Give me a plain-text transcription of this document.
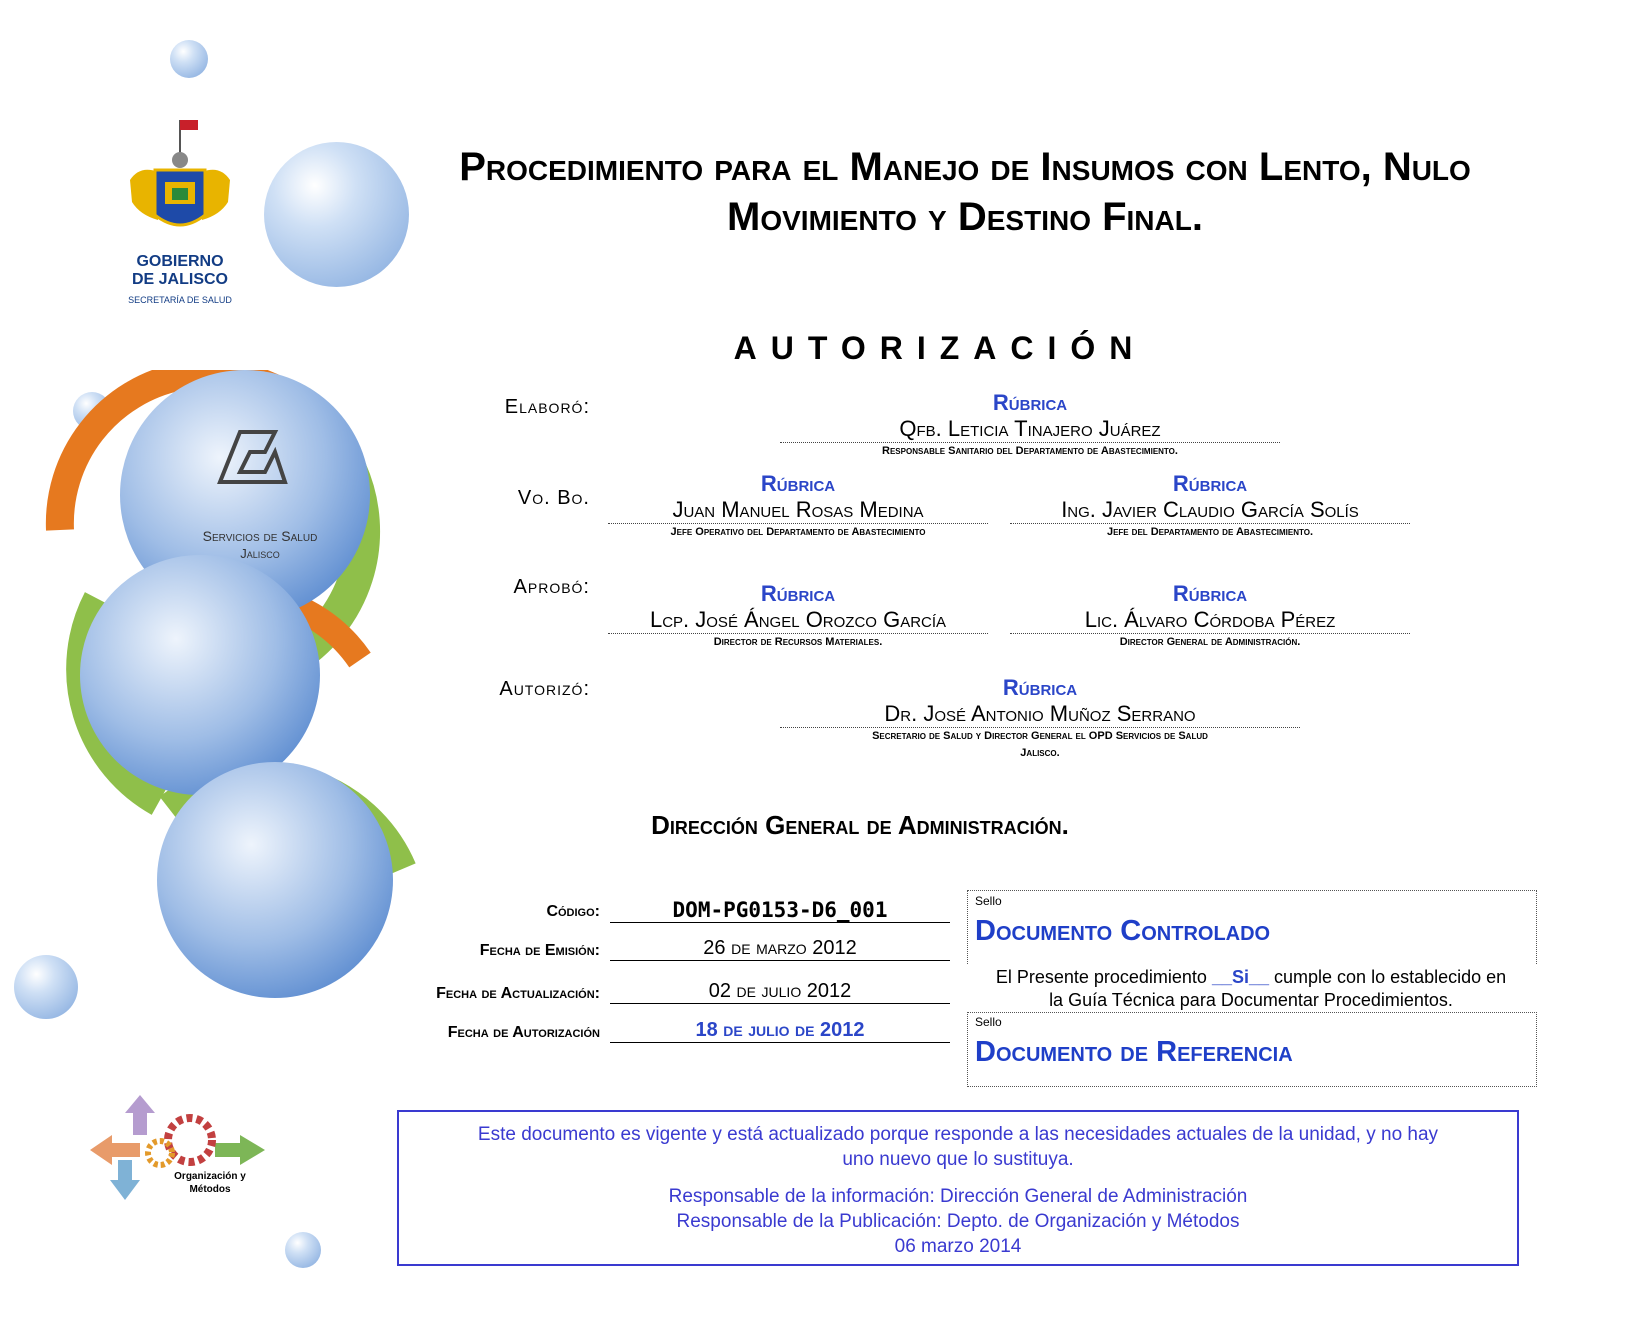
GOBIERNO
DE JALISCO
SECRETARÍA DE SALUD
Procedimiento para el Manejo de Insumos con Lento, Nulo
Movimiento y Destino Final.
Servicios de Salud
Jalisco
Organización y
Métodos
AUTORIZACIÓN
Elaboró:	Rúbrica
Qfb. Leticia Tinajero Juárez
Responsable Sanitario del Departamento de Abastecimiento.
Vo. Bo.
Rúbrica
Juan Manuel Rosas Medina
Jefe Operativo del Departamento de Abastecimiento
Rúbrica
Ing. Javier Claudio García Solís
Jefe del Departamento de Abastecimiento.
Aprobó:	Rúbrica
Lcp. José Ángel Orozco García
Director de Recursos Materiales.
Rúbrica
Lic. Álvaro Córdoba Pérez
Director General de Administración.
Autorizó:	Rúbrica
Dr. José Antonio Muñoz Serrano
Secretario de Salud y Director General el OPD Servicios de Salud
Jalisco.
Dirección General de Administración.
Código:	DOM-PG0153-D6_001
Fecha de Emisión:	26 de marzo 2012
Fecha de Actualización:	02 de julio 2012
Fecha de Autorización	18 de julio de 2012
Sello
Documento Controlado
El Presente procedimiento __Si__ cumple con lo establecido en
la Guía Técnica para Documentar Procedimientos.
Sello
Documento de Referencia
Este documento es vigente y está actualizado porque responde a las necesidades actuales de la unidad, y no hay
uno nuevo que lo sustituya.
Responsable de la información: Dirección General de Administración
Responsable de la Publicación: Depto. de Organización y Métodos
06 marzo 2014
